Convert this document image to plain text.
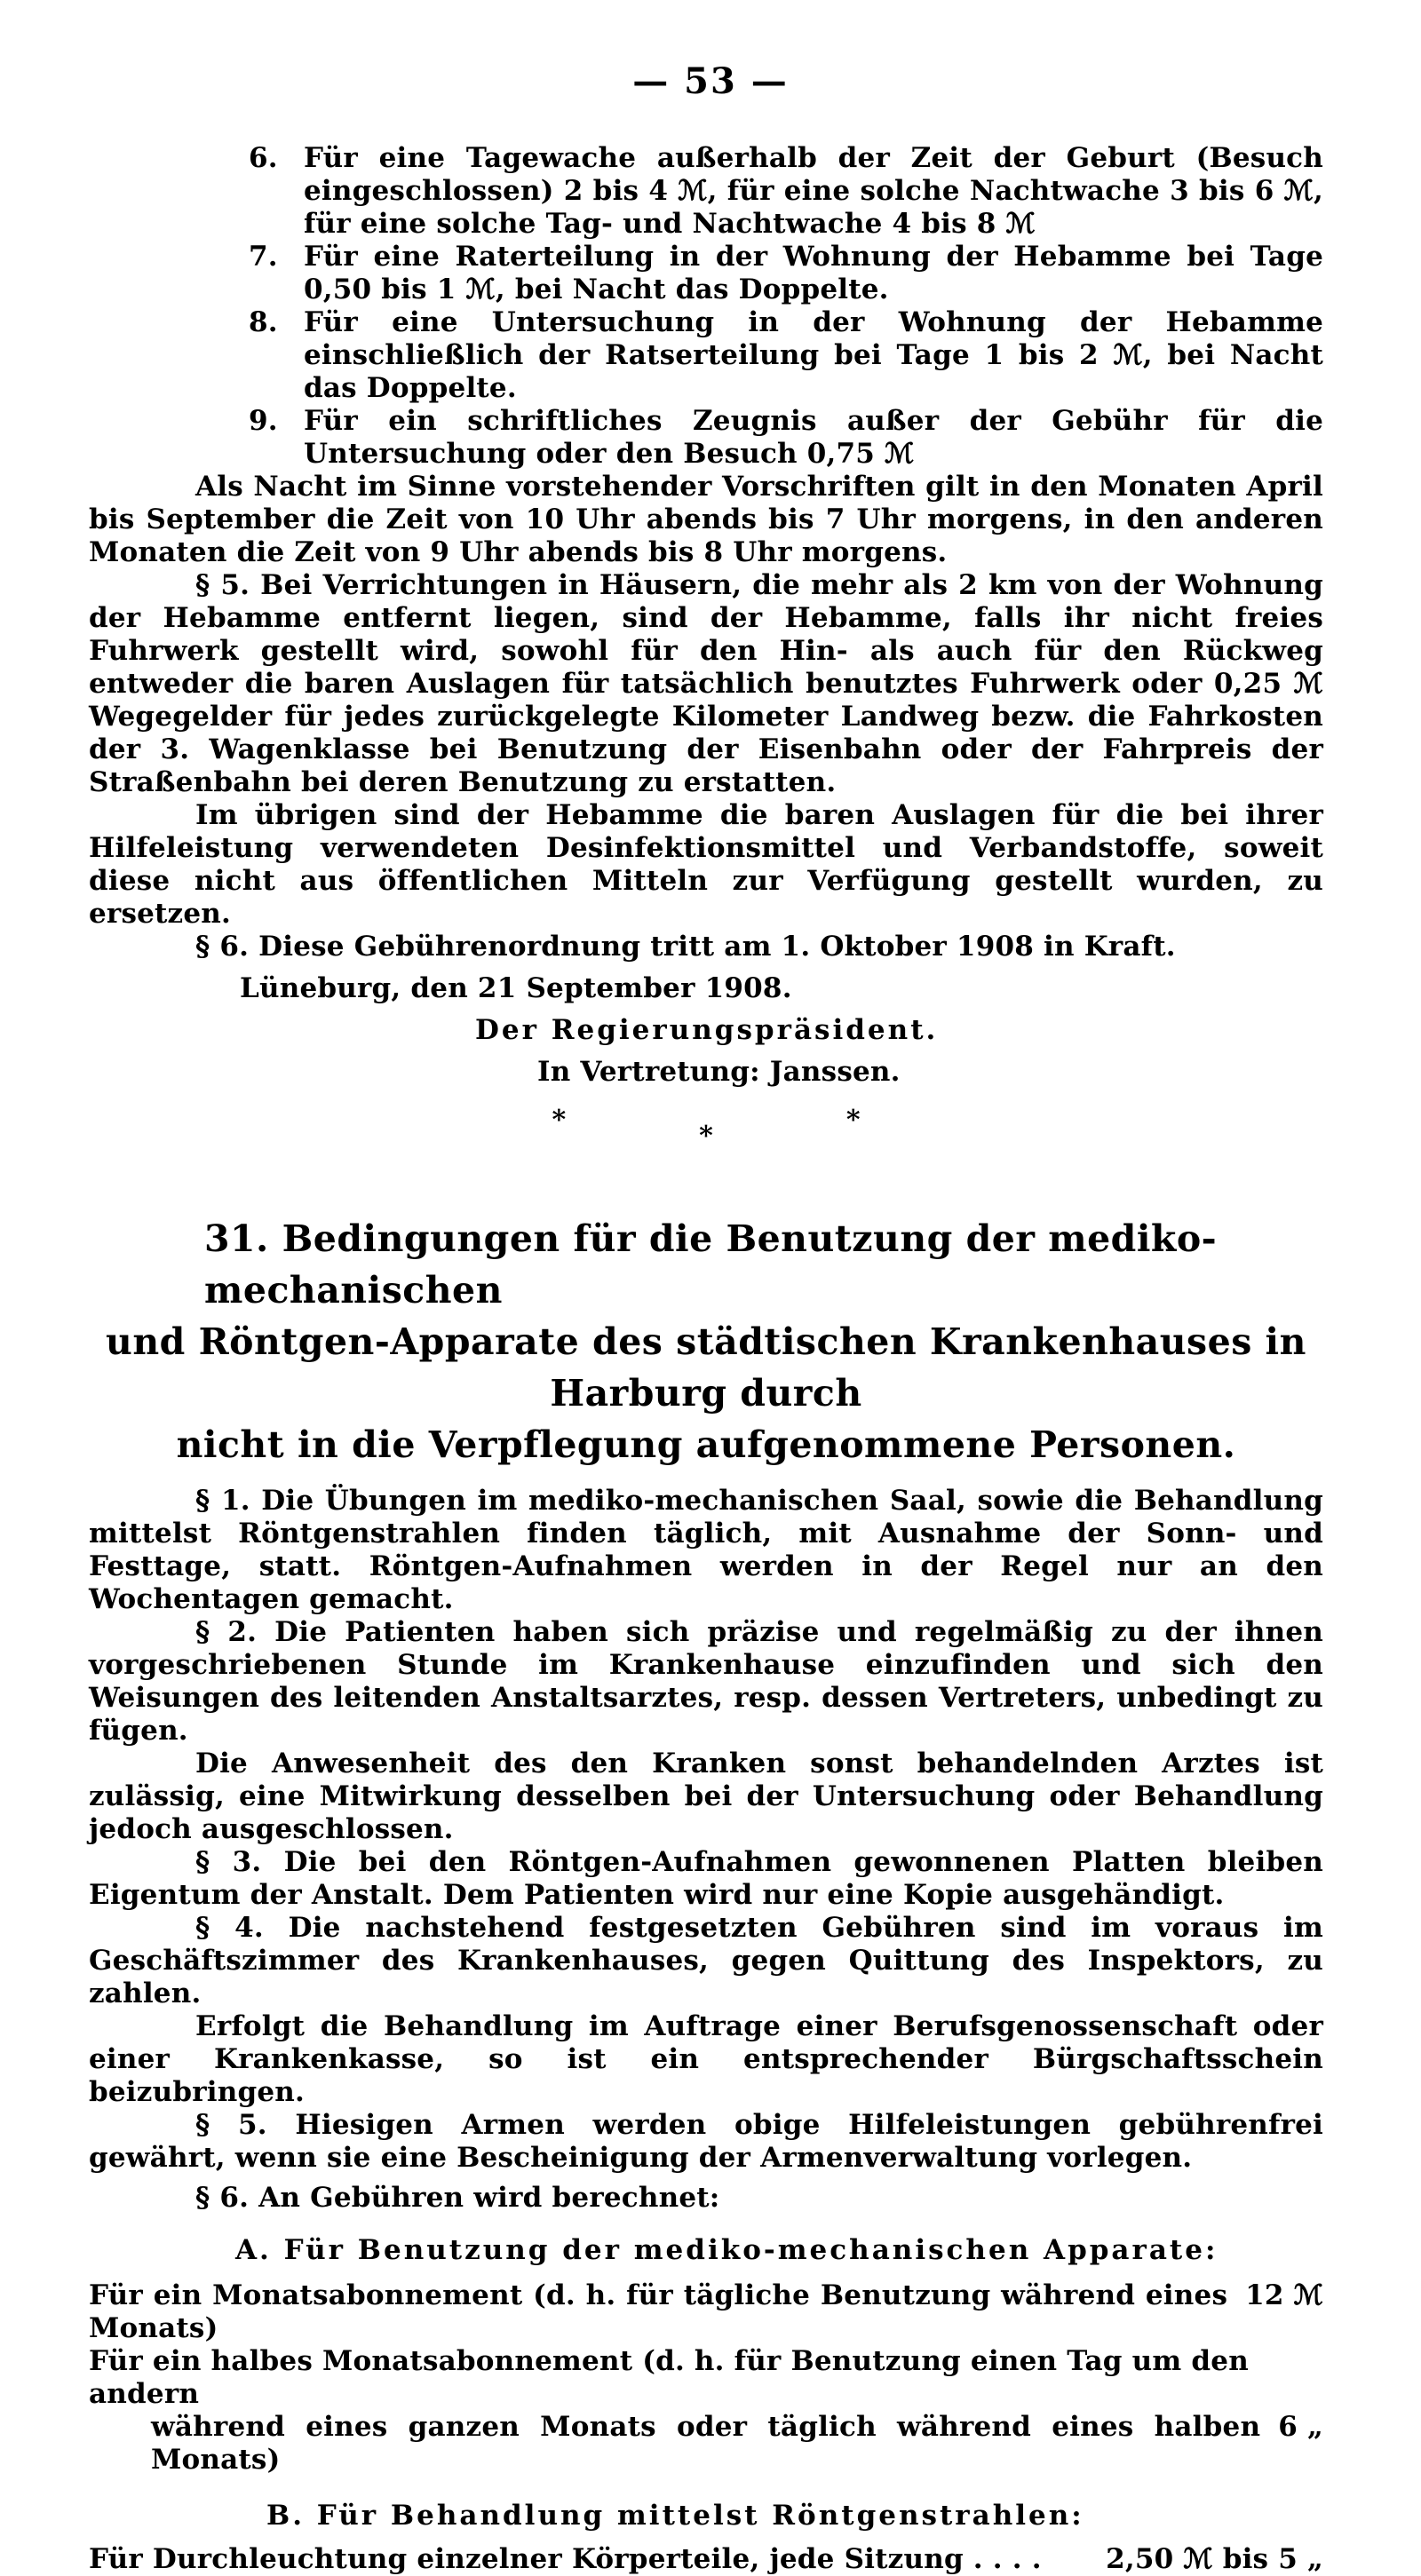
— 53 —
6. Für eine Tagewache außerhalb der Zeit der Geburt (Besuch eingeschlossen) 2 bis 4 ℳ, für eine solche Nachtwache 3 bis 6 ℳ, für eine solche Tag- und Nachtwache 4 bis 8 ℳ

7. Für eine Raterteilung in der Wohnung der Hebamme bei Tage 0,50 bis 1 ℳ, bei Nacht das Doppelte.

8. Für eine Untersuchung in der Wohnung der Hebamme einschließlich der Ratserteilung bei Tage 1 bis 2 ℳ, bei Nacht das Doppelte.

9. Für ein schriftliches Zeugnis außer der Gebühr für die Untersuchung oder den Besuch 0,75 ℳ

Als Nacht im Sinne vorstehender Vorschriften gilt in den Monaten April bis September die Zeit von 10 Uhr abends bis 7 Uhr morgens, in den anderen Monaten die Zeit von 9 Uhr abends bis 8 Uhr morgens.

§ 5. Bei Verrichtungen in Häusern, die mehr als 2 km von der Wohnung der Hebamme entfernt liegen, sind der Hebamme, falls ihr nicht freies Fuhrwerk gestellt wird, sowohl für den Hin- als auch für den Rückweg entweder die baren Auslagen für tatsächlich benutztes Fuhrwerk oder 0,25 ℳ Wegegelder für jedes zurückgelegte Kilometer Landweg bezw. die Fahrkosten der 3. Wagenklasse bei Benutzung der Eisenbahn oder der Fahrpreis der Straßenbahn bei deren Benutzung zu erstatten.

Im übrigen sind der Hebamme die baren Auslagen für die bei ihrer Hilfeleistung verwendeten Desinfektionsmittel und Verbandstoffe, soweit diese nicht aus öffentlichen Mitteln zur Verfügung gestellt wurden, zu ersetzen.

§ 6. Diese Gebührenordnung tritt am 1. Oktober 1908 in Kraft.

Lüneburg, den 21 September 1908.

Der Regierungspräsident.

In Vertretung: Janssen.

*
*
*
31. Bedingungen für die Benutzung der mediko-mechanischen
und Röntgen-Apparate des städtischen Krankenhauses in Harburg durch
nicht in die Verpflegung aufgenommene Personen.

§ 1. Die Übungen im mediko-mechanischen Saal, sowie die Behandlung mittelst Röntgenstrahlen finden täglich, mit Ausnahme der Sonn- und Festtage, statt. Röntgen-Aufnahmen werden in der Regel nur an den Wochentagen gemacht.

§ 2. Die Patienten haben sich präzise und regelmäßig zu der ihnen vorgeschriebenen Stunde im Krankenhause einzufinden und sich den Weisungen des leitenden Anstaltsarztes, resp. dessen Vertreters, unbedingt zu fügen.

Die Anwesenheit des den Kranken sonst behandelnden Arztes ist zulässig, eine Mitwirkung desselben bei der Untersuchung oder Behandlung jedoch ausgeschlossen.

§ 3. Die bei den Röntgen-Aufnahmen gewonnenen Platten bleiben Eigentum der Anstalt. Dem Patienten wird nur eine Kopie ausgehändigt.

§ 4. Die nachstehend festgesetzten Gebühren sind im voraus im Geschäftszimmer des Krankenhauses, gegen Quittung des Inspektors, zu zahlen.

Erfolgt die Behandlung im Auftrage einer Berufsgenossenschaft oder einer Krankenkasse, so ist ein entsprechender Bürgschaftsschein beizubringen.

§ 5. Hiesigen Armen werden obige Hilfeleistungen gebührenfrei gewährt, wenn sie eine Bescheinigung der Armenverwaltung vorlegen.

§ 6. An Gebühren wird berechnet:

A. Für Benutzung der mediko-mechanischen Apparate:

Für ein Monatsabonnement (d. h. für tägliche Benutzung während eines Monats)
12 ℳ

Für ein halbes Monatsabonnement (d. h. für Benutzung einen Tag um den andern

während eines ganzen Monats oder täglich während eines halben Monats)
6 „

B. Für Behandlung mittelst Röntgenstrahlen:

Für Durchleuchtung einzelner Körperteile, jede Sitzung . . . .	2,50 ℳ bis 5 „
